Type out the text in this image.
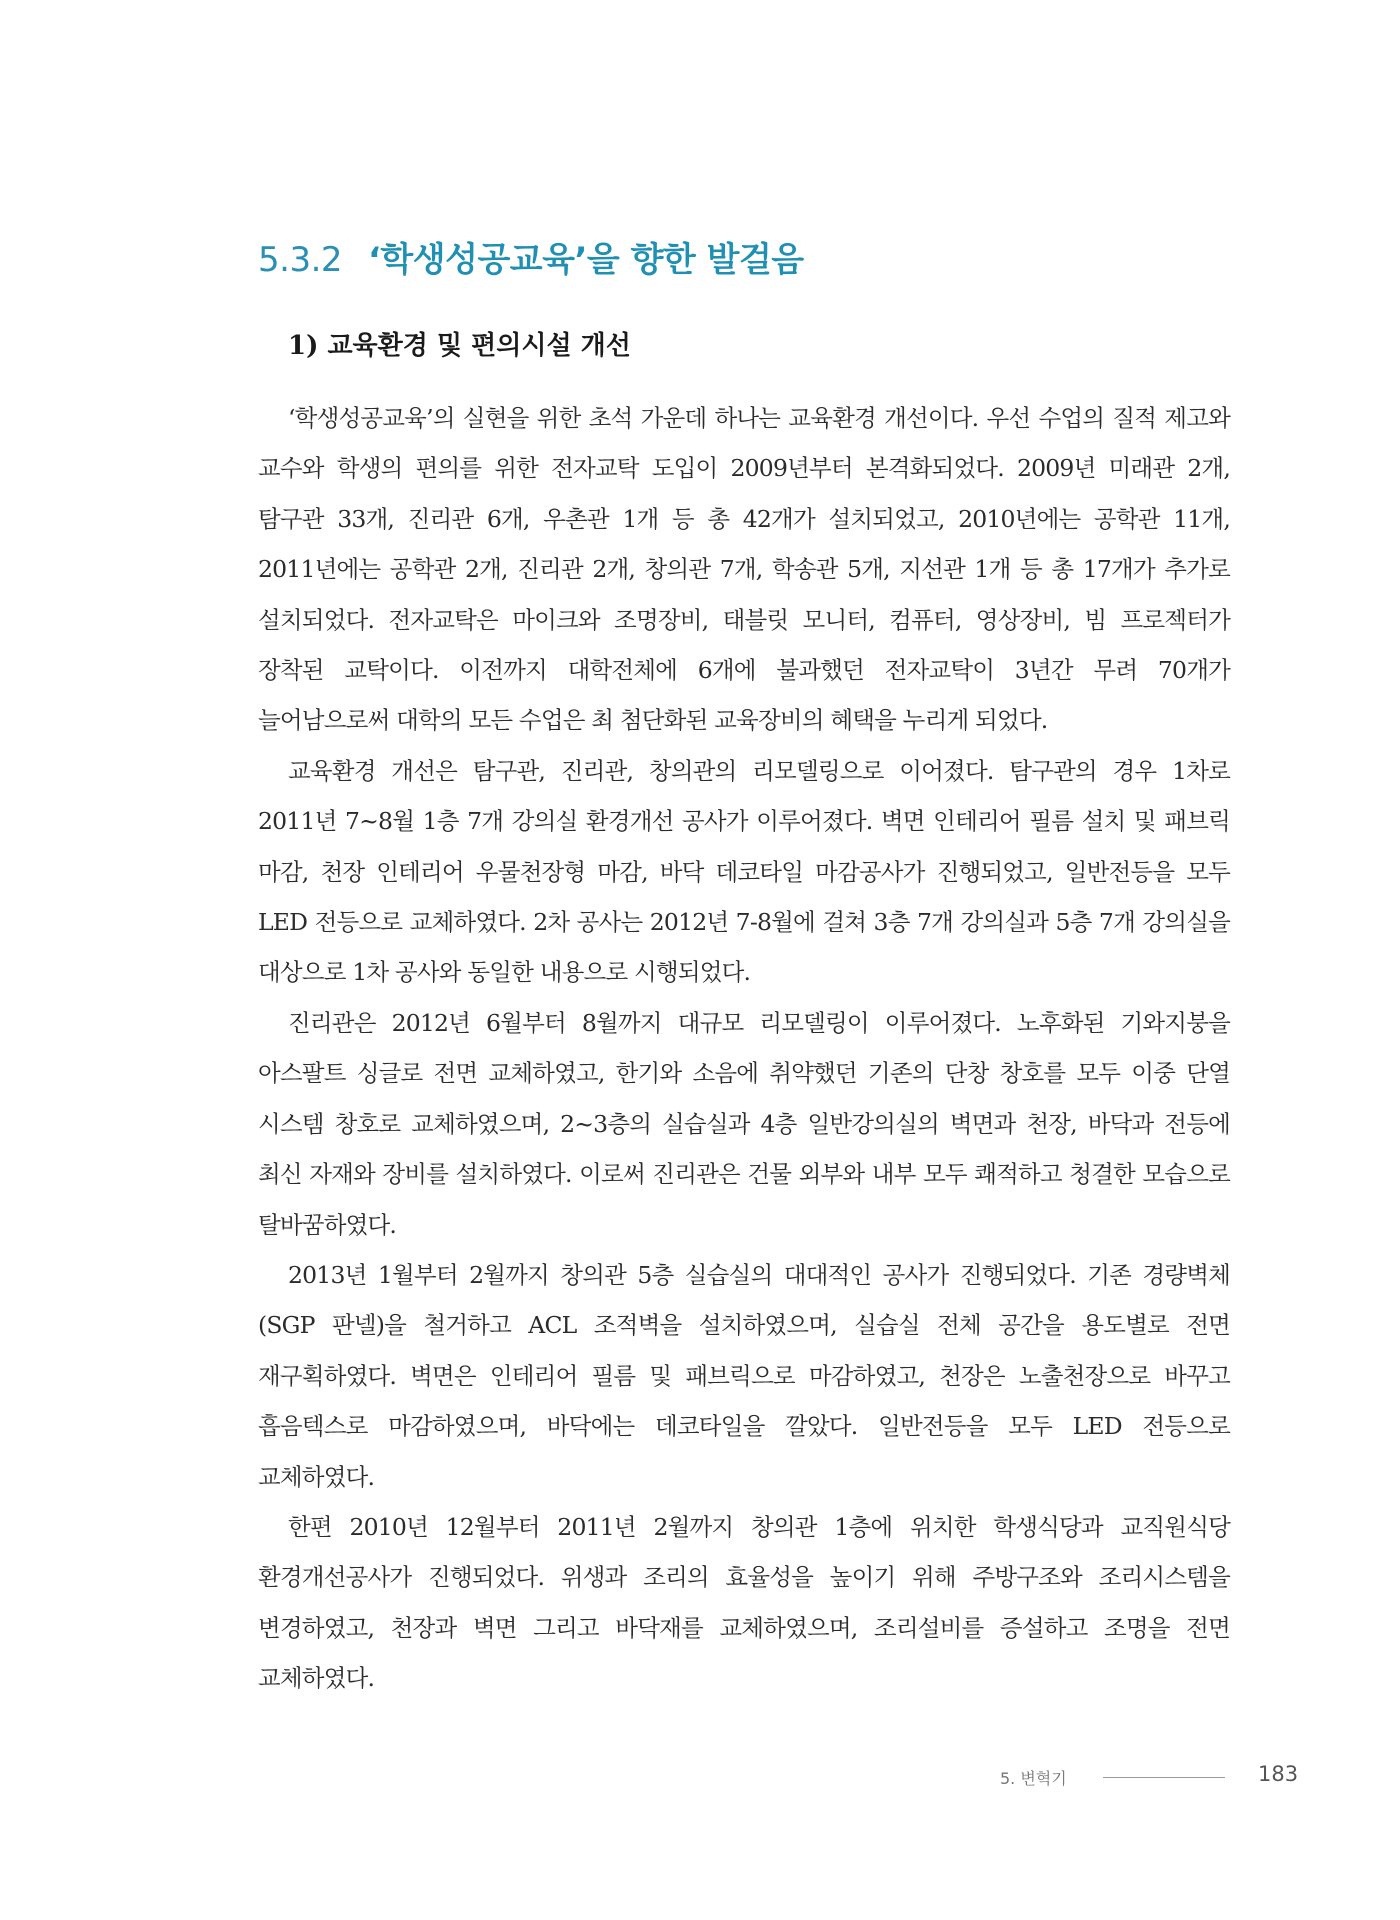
5.3.2 ‘학생성공교육’을 향한 발걸음
1) 교육환경 및 편의시설 개선

‘학생성공교육’의 실현을 위한 초석 가운데 하나는 교육환경 개선이다. 우선 수업의 질적 제고와 교수와 학생의 편의를 위한 전자교탁 도입이 2009년부터 본격화되었다. 2009년 미래관 2개, 탐구관 33개, 진리관 6개, 우촌관 1개 등 총 42개가 설치되었고, 2010년에는 공학관 11개, 2011년에는 공학관 2개, 진리관 2개, 창의관 7개, 학송관 5개, 지선관 1개 등 총 17개가 추가로 설치되었다. 전자교탁은 마이크와 조명장비, 태블릿 모니터, 컴퓨터, 영상장비, 빔 프로젝터가 장착된 교탁이다. 이전까지 대학전체에 6개에 불과했던 전자교탁이 3년간 무려 70개가 늘어남으로써 대학의 모든 수업은 최 첨단화된 교육장비의 혜택을 누리게 되었다.

교육환경 개선은 탐구관, 진리관, 창의관의 리모델링으로 이어졌다. 탐구관의 경우 1차로 2011년 7~8월 1층 7개 강의실 환경개선 공사가 이루어졌다. 벽면 인테리어 필름 설치 및 패브릭 마감, 천장 인테리어 우물천장형 마감, 바닥 데코타일 마감공사가 진행되었고, 일반전등을 모두 LED 전등으로 교체하였다. 2차 공사는 2012년 7-8월에 걸쳐 3층 7개 강의실과 5층 7개 강의실을 대상으로 1차 공사와 동일한 내용으로 시행되었다.

진리관은 2012년 6월부터 8월까지 대규모 리모델링이 이루어졌다. 노후화된 기와지붕을 아스팔트 싱글로 전면 교체하였고, 한기와 소음에 취약했던 기존의 단창 창호를 모두 이중 단열 시스템 창호로 교체하였으며, 2~3층의 실습실과 4층 일반강의실의 벽면과 천장, 바닥과 전등에 최신 자재와 장비를 설치하였다. 이로써 진리관은 건물 외부와 내부 모두 쾌적하고 청결한 모습으로 탈바꿈하였다.

2013년 1월부터 2월까지 창의관 5층 실습실의 대대적인 공사가 진행되었다. 기존 경량벽체(SGP 판넬)을 철거하고 ACL 조적벽을 설치하였으며, 실습실 전체 공간을 용도별로 전면 재구획하였다. 벽면은 인테리어 필름 및 패브릭으로 마감하였고, 천장은 노출천장으로 바꾸고 흡음텍스로 마감하였으며, 바닥에는 데코타일을 깔았다. 일반전등을 모두 LED 전등으로 교체하였다.

한편 2010년 12월부터 2011년 2월까지 창의관 1층에 위치한 학생식당과 교직원식당 환경개선공사가 진행되었다. 위생과 조리의 효율성을 높이기 위해 주방구조와 조리시스템을 변경하였고, 천장과 벽면 그리고 바닥재를 교체하였으며, 조리설비를 증설하고 조명을 전면 교체하였다.

5. 변혁기	183
